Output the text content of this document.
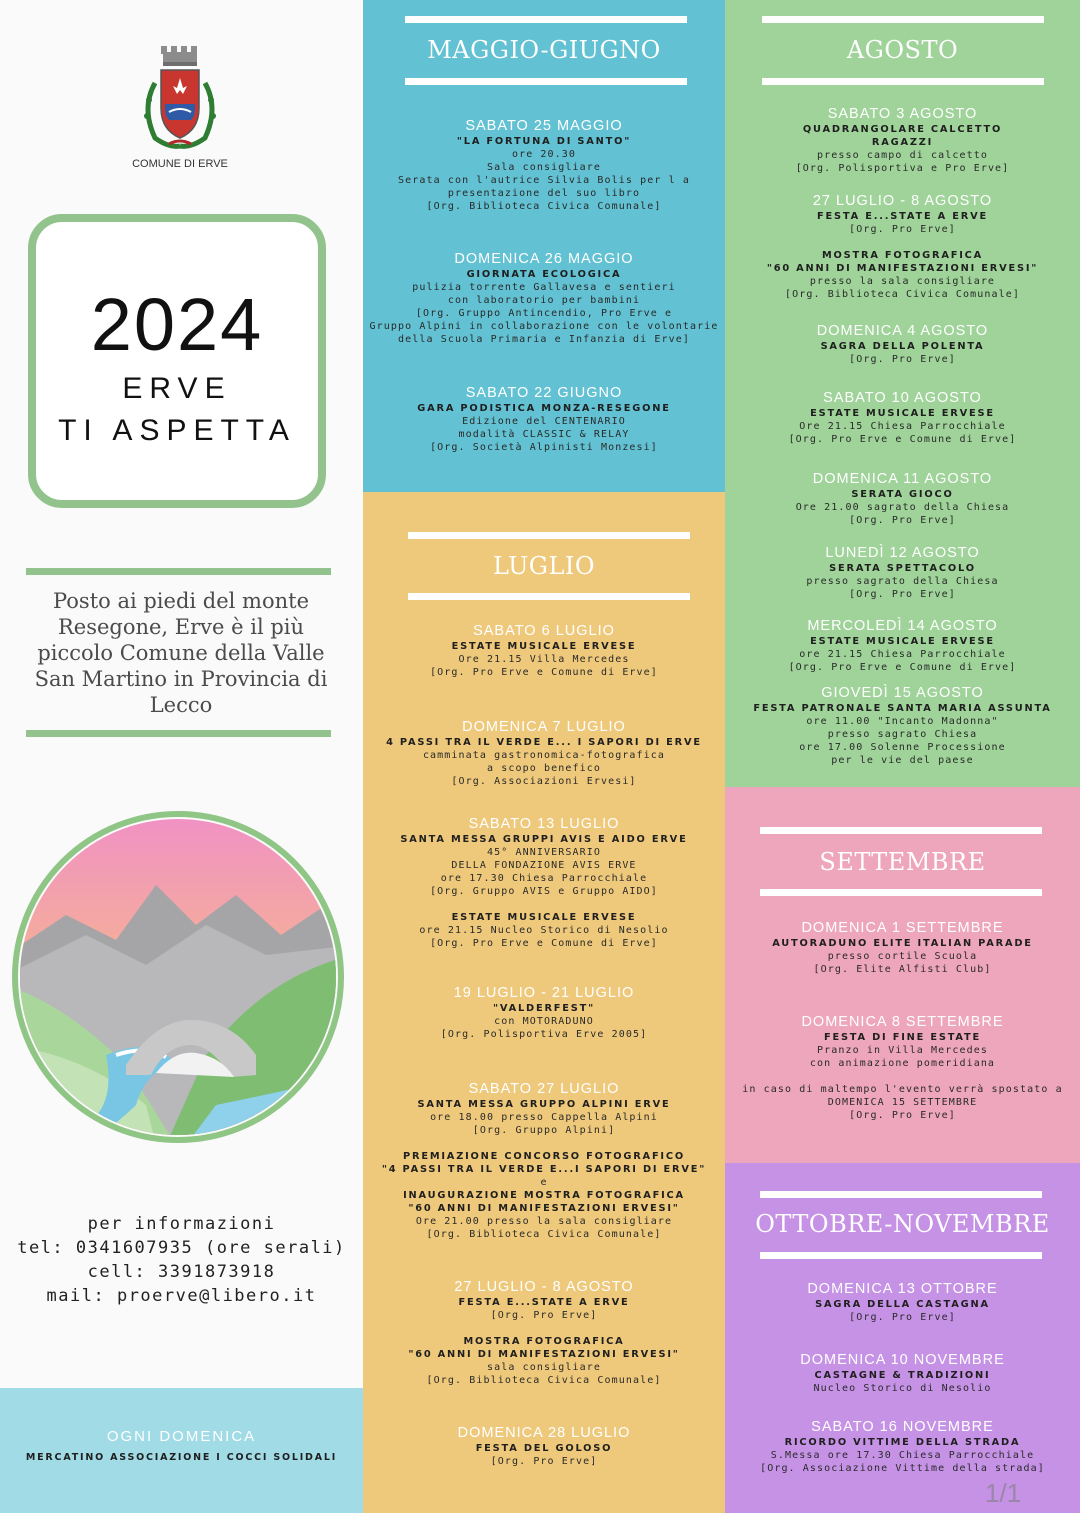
COMUNE DI ERVE
2024
ERVE
TI ASPETTA
Posto ai piedi del monte Resegone, Erve è il più piccolo Comune della Valle San Martino in Provincia di Lecco
per informazioni
tel: 0341607935 (ore serali)
cell: 3391873918
mail: proerve@libero.it
OGNI DOMENICA
MERCATINO ASSOCIAZIONE I COCCI SOLIDALI
MAGGIO-GIUGNO
SABATO 25 MAGGIO
"LA FORTUNA DI SANTO"
ore 20.30
Sala consigliare
Serata con l'autrice Silvia Bolis per l a
presentazione del suo libro
[Org. Biblioteca Civica Comunale]
DOMENICA 26 MAGGIO
GIORNATA ECOLOGICA
pulizia torrente Gallavesa e sentieri
con laboratorio per bambini
[Org. Gruppo Antincendio, Pro Erve e
Gruppo Alpini in collaborazione con le volontarie
della Scuola Primaria e Infanzia di Erve]
SABATO 22 GIUGNO
GARA PODISTICA MONZA-RESEGONE
Edizione del CENTENARIO
modalità CLASSIC & RELAY
[Org. Società Alpinisti Monzesi]
LUGLIO
SABATO 6 LUGLIO
ESTATE MUSICALE ERVESE
Ore 21.15 Villa Mercedes
[Org. Pro Erve e Comune di Erve]
DOMENICA 7 LUGLIO
4 PASSI TRA IL VERDE E... I SAPORI DI ERVE
camminata gastronomica-fotografica
a scopo benefico
[Org. Associazioni Ervesi]
SABATO 13 LUGLIO
SANTA MESSA GRUPPI AVIS E AIDO ERVE
45° ANNIVERSARIO
DELLA FONDAZIONE AVIS ERVE
ore 17.30 Chiesa Parrocchiale
[Org. Gruppo AVIS e Gruppo AIDO]
ESTATE MUSICALE ERVESE
ore 21.15 Nucleo Storico di Nesolio
[Org. Pro Erve e Comune di Erve]
19 LUGLIO - 21 LUGLIO
"VALDERFEST"
con MOTORADUNO
[Org. Polisportiva Erve 2005]
SABATO 27 LUGLIO
SANTA MESSA GRUPPO ALPINI ERVE
ore 18.00 presso Cappella Alpini
[Org. Gruppo Alpini]
PREMIAZIONE CONCORSO FOTOGRAFICO
"4 PASSI TRA IL VERDE E...I SAPORI DI ERVE"
e
INAUGURAZIONE MOSTRA FOTOGRAFICA
"60 ANNI DI MANIFESTAZIONI ERVESI"
Ore 21.00 presso la sala consigliare
[Org. Biblioteca Civica Comunale]
27 LUGLIO - 8 AGOSTO
FESTA E...STATE A ERVE
[Org. Pro Erve]
MOSTRA FOTOGRAFICA
"60 ANNI DI MANIFESTAZIONI ERVESI"
sala consigliare
[Org. Biblioteca Civica Comunale]
DOMENICA 28 LUGLIO
FESTA DEL GOLOSO
[Org. Pro Erve]
AGOSTO
SABATO 3 AGOSTO
QUADRANGOLARE CALCETTO
RAGAZZI
presso campo di calcetto
[Org. Polisportiva e Pro Erve]
27 LUGLIO - 8 AGOSTO
FESTA E...STATE A ERVE
[Org. Pro Erve]
MOSTRA FOTOGRAFICA
"60 ANNI DI MANIFESTAZIONI ERVESI"
presso la sala consigliare
[Org. Biblioteca Civica Comunale]
DOMENICA 4 AGOSTO
SAGRA DELLA POLENTA
[Org. Pro Erve]
SABATO 10 AGOSTO
ESTATE MUSICALE ERVESE
Ore 21.15 Chiesa Parrocchiale
[Org. Pro Erve e Comune di Erve]
DOMENICA 11 AGOSTO
SERATA GIOCO
Ore 21.00 sagrato della Chiesa
[Org. Pro Erve]
LUNEDÌ 12 AGOSTO
SERATA SPETTACOLO
presso sagrato della Chiesa
[Org. Pro Erve]
MERCOLEDÌ 14 AGOSTO
ESTATE MUSICALE ERVESE
ore 21.15 Chiesa Parrocchiale
[Org. Pro Erve e Comune di Erve]
GIOVEDÌ 15 AGOSTO
FESTA PATRONALE SANTA MARIA ASSUNTA
ore 11.00 "Incanto Madonna"
presso sagrato Chiesa
ore 17.00 Solenne Processione
per le vie del paese
SETTEMBRE
DOMENICA 1 SETTEMBRE
AUTORADUNO ELITE ITALIAN PARADE
presso cortile Scuola
[Org. Elite Alfisti Club]
DOMENICA 8 SETTEMBRE
FESTA DI FINE ESTATE
Pranzo in Villa Mercedes
con animazione pomeridiana
in caso di maltempo l'evento verrà spostato a
DOMENICA 15 SETTEMBRE
[Org. Pro Erve]
OTTOBRE-NOVEMBRE
DOMENICA 13 OTTOBRE
SAGRA DELLA CASTAGNA
[Org. Pro Erve]
DOMENICA 10 NOVEMBRE
CASTAGNE & TRADIZIONI
Nucleo Storico di Nesolio
SABATO 16 NOVEMBRE
RICORDO VITTIME DELLA STRADA
S.Messa ore 17.30 Chiesa Parrocchiale
[Org. Associazione Vittime della strada]
1/1
